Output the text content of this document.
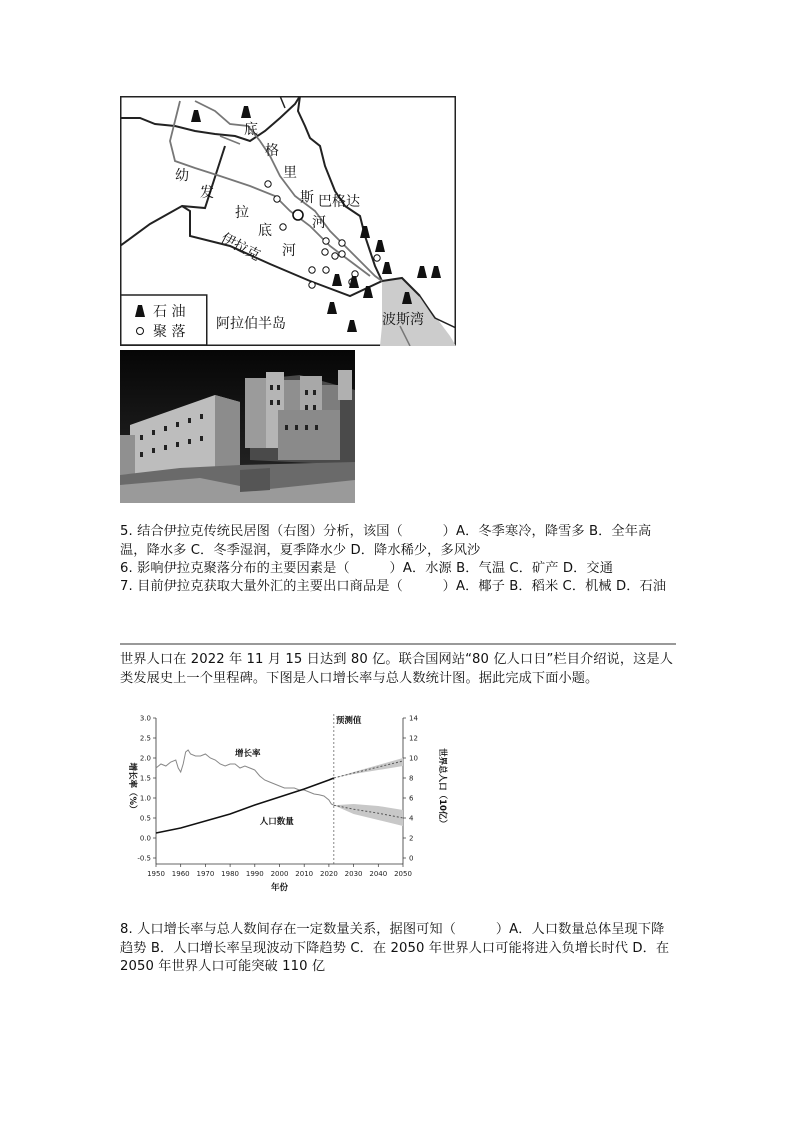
底
格
里
斯
河
巴格达
幼
发
拉
底
河
伊拉克
阿拉伯半岛	波斯湾
石 油
聚 落
5. 结合伊拉克传统民居图（右图）分析，该国（　　　）A．冬季寒冷，降雪多 B．全年高温，降水多 C．冬季湿润，夏季降水少 D．降水稀少，多风沙
6. 影响伊拉克聚落分布的主要因素是（　　　）A．水源 B．气温 C．矿产 D．交通
7. 目前伊拉克获取大量外汇的主要出口商品是（　　　）A．椰子 B．稻米 C．机械 D．石油
世界人口在 2022 年 11 月 15 日达到 80 亿。联合国网站“80 亿人口日”栏目介绍说，这是人类发展史上一个里程碑。下图是人口增长率与总人数统计图。据此完成下面小题。
-0.5
0.0
0.5
1.0
1.5
2.0
2.5
3.0
0
2
4
6
8
10
12
14
1950 1960 1970 1980 1990 2000 2010 2020 2030 2040 2050
年份
增长率（%）	世界总人口（10亿）
预测值
增长率
人口数量
8. 人口增长率与总人数间存在一定数量关系，据图可知（　　　）A．人口数量总体呈现下降趋势 B．人口增长率呈现波动下降趋势 C．在 2050 年世界人口可能将进入负增长时代 D．在 2050 年世界人口可能突破 110 亿
